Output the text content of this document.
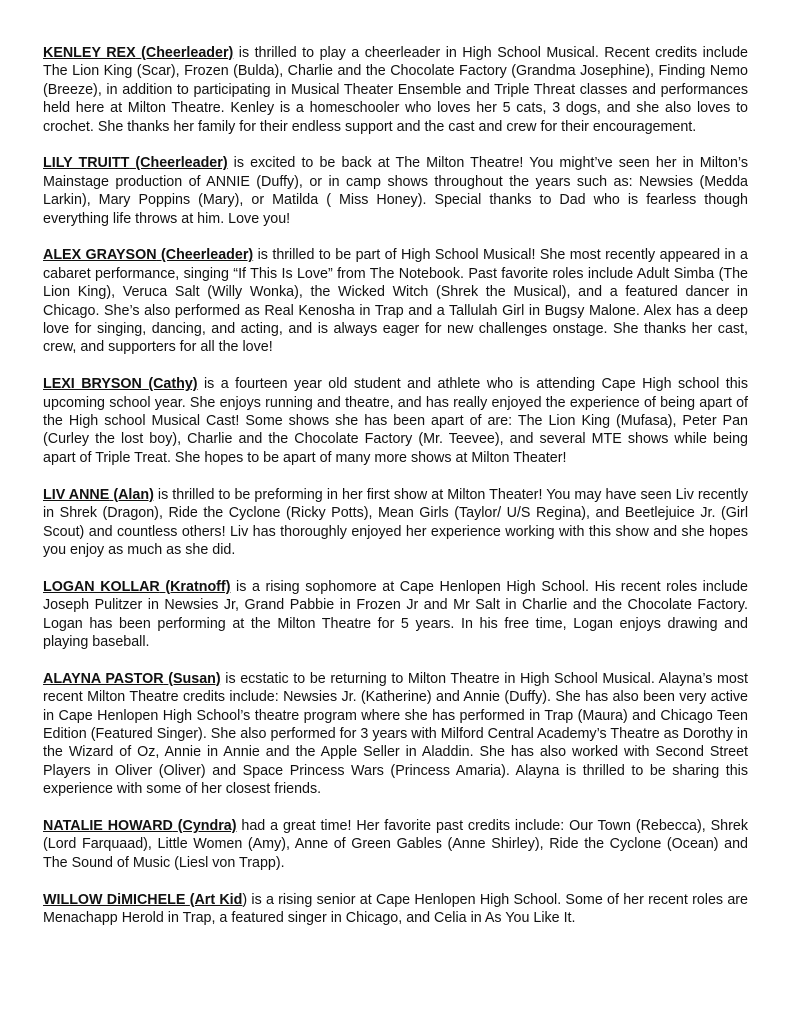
KENLEY REX (Cheerleader) is thrilled to play a cheerleader in High School Musical. Recent credits include The Lion King (Scar), Frozen (Bulda), Charlie and the Chocolate Factory (Grandma Josephine), Finding Nemo (Breeze), in addition to participating in Musical Theater Ensemble and Triple Threat classes and performances held here at Milton Theatre. Kenley is a homeschooler who loves her 5 cats, 3 dogs, and she also loves to crochet. She thanks her family for their endless support and the cast and crew for their encouragement.

LILY TRUITT (Cheerleader) is excited to be back at The Milton Theatre! You might’ve seen her in Milton’s Mainstage production of ANNIE (Duffy), or in camp shows throughout the years such as: Newsies (Medda Larkin), Mary Poppins (Mary), or Matilda ( Miss Honey). Special thanks to Dad who is fearless though everything life throws at him. Love you!

ALEX GRAYSON (Cheerleader) is thrilled to be part of High School Musical! She most recently appeared in a cabaret performance, singing “If This Is Love” from The Notebook. Past favorite roles include Adult Simba (The Lion King), Veruca Salt (Willy Wonka), the Wicked Witch (Shrek the Musical), and a featured dancer in Chicago. She’s also performed as Real Kenosha in Trap and a Tallulah Girl in Bugsy Malone. Alex has a deep love for singing, dancing, and acting, and is always eager for new challenges onstage. She thanks her cast, crew, and supporters for all the love!

LEXI BRYSON (Cathy) is a fourteen year old student and athlete who is attending Cape High school this upcoming school year. She enjoys running and theatre, and has really enjoyed the experience of being apart of the High school Musical Cast! Some shows she has been apart of are: The Lion King (Mufasa), Peter Pan (Curley the lost boy), Charlie and the Chocolate Factory (Mr. Teevee), and several MTE shows while being apart of Triple Treat. She hopes to be apart of many more shows at Milton Theater!

LIV ANNE (Alan) is thrilled to be preforming in her first show at Milton Theater! You may have seen Liv recently in Shrek (Dragon), Ride the Cyclone (Ricky Potts), Mean Girls (Taylor/ U/S Regina), and Beetlejuice Jr. (Girl Scout) and countless others! Liv has thoroughly enjoyed her experience working with this show and she hopes you enjoy as much as she did.

LOGAN KOLLAR (Kratnoff) is a rising sophomore at Cape Henlopen High School. His recent roles include Joseph Pulitzer in Newsies Jr, Grand Pabbie in Frozen Jr and Mr Salt in Charlie and the Chocolate Factory. Logan has been performing at the Milton Theatre for 5 years. In his free time, Logan enjoys drawing and playing baseball.

ALAYNA PASTOR (Susan) is ecstatic to be returning to Milton Theatre in High School Musical. Alayna’s most recent Milton Theatre credits include: Newsies Jr. (Katherine) and Annie (Duffy). She has also been very active in Cape Henlopen High School’s theatre program where she has performed in Trap (Maura) and Chicago Teen Edition (Featured Singer). She also performed for 3 years with Milford Central Academy’s Theatre as Dorothy in the Wizard of Oz, Annie in Annie and the Apple Seller in Aladdin. She has also worked with Second Street Players in Oliver (Oliver) and Space Princess Wars (Princess Amaria). Alayna is thrilled to be sharing this experience with some of her closest friends.

NATALIE HOWARD (Cyndra) had a great time! Her favorite past credits include: Our Town (Rebecca), Shrek (Lord Farquaad), Little Women (Amy), Anne of Green Gables (Anne Shirley), Ride the Cyclone (Ocean) and The Sound of Music (Liesl von Trapp).

WILLOW DiMICHELE (Art Kid) is a rising senior at Cape Henlopen High School. Some of her recent roles are Menachapp Herold in Trap, a featured singer in Chicago, and Celia in As You Like It.
